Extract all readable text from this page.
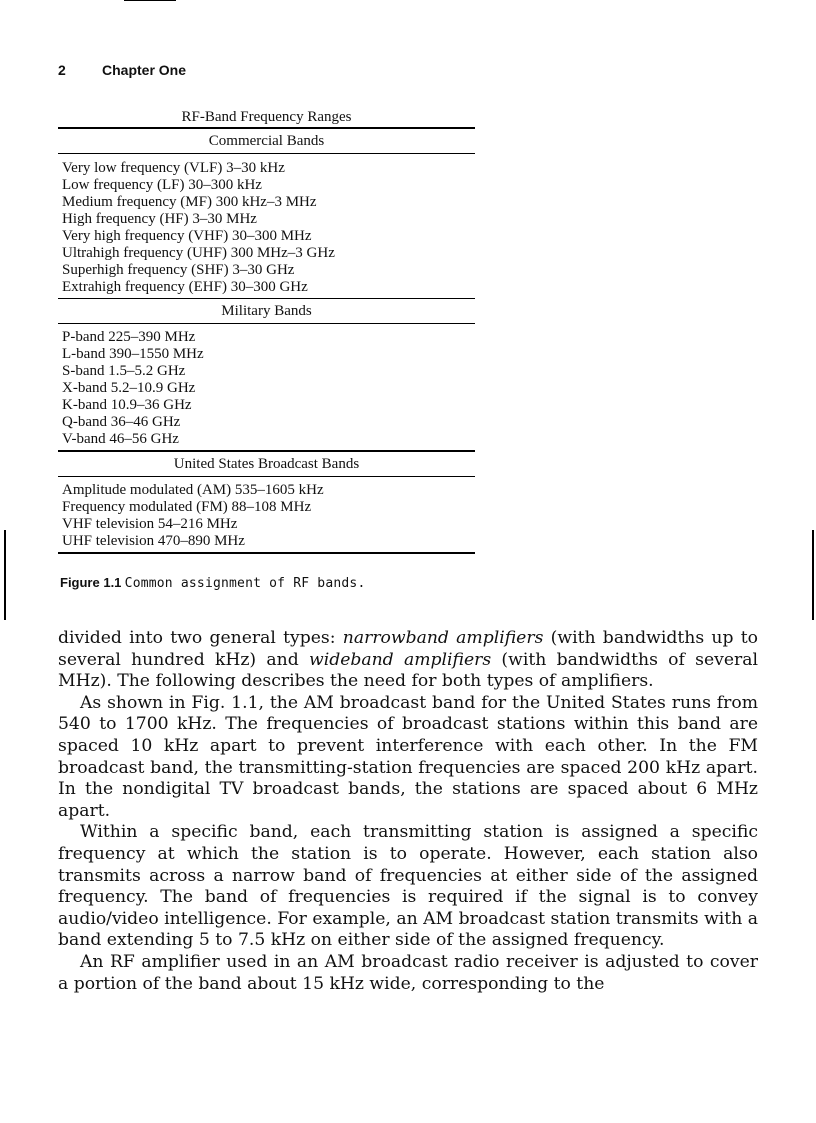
2	Chapter One
RF-Band Frequency Ranges
Commercial Bands
Very low frequency (VLF) 3–30 kHz
Low frequency (LF) 30–300 kHz
Medium frequency (MF) 300 kHz–3 MHz
High frequency (HF) 3–30 MHz
Very high frequency (VHF) 30–300 MHz
Ultrahigh frequency (UHF) 300 MHz–3 GHz
Superhigh frequency (SHF) 3–30 GHz
Extrahigh frequency (EHF) 30–300 GHz
Military Bands
P-band 225–390 MHz
L-band 390–1550 MHz
S-band 1.5–5.2 GHz
X-band 5.2–10.9 GHz
K-band 10.9–36 GHz
Q-band 36–46 GHz
V-band 46–56 GHz
United States Broadcast Bands
Amplitude modulated (AM) 535–1605 kHz
Frequency modulated (FM) 88–108 MHz
VHF television 54–216 MHz
UHF television 470–890 MHz
Figure 1.1 Common assignment of RF bands.

divided into two general types: narrowband amplifiers (with bandwidths up to several hundred kHz) and wideband amplifiers (with bandwidths of several MHz). The following describes the need for both types of amplifiers.

As shown in Fig. 1.1, the AM broadcast band for the United States runs from 540 to 1700 kHz. The frequencies of broadcast stations within this band are spaced 10 kHz apart to prevent interference with each other. In the FM broadcast band, the transmitting-station frequencies are spaced 200 kHz apart. In the nondigital TV broadcast bands, the stations are spaced about 6 MHz apart.

Within a specific band, each transmitting station is assigned a specific frequency at which the station is to operate. However, each station also transmits across a narrow band of frequencies at either side of the assigned frequency. The band of frequencies is required if the signal is to convey audio/video intelligence. For example, an AM broadcast station transmits with a band extending 5 to 7.5 kHz on either side of the assigned frequency.

An RF amplifier used in an AM broadcast radio receiver is adjusted to cover a portion of the band about 15 kHz wide, corresponding to the
